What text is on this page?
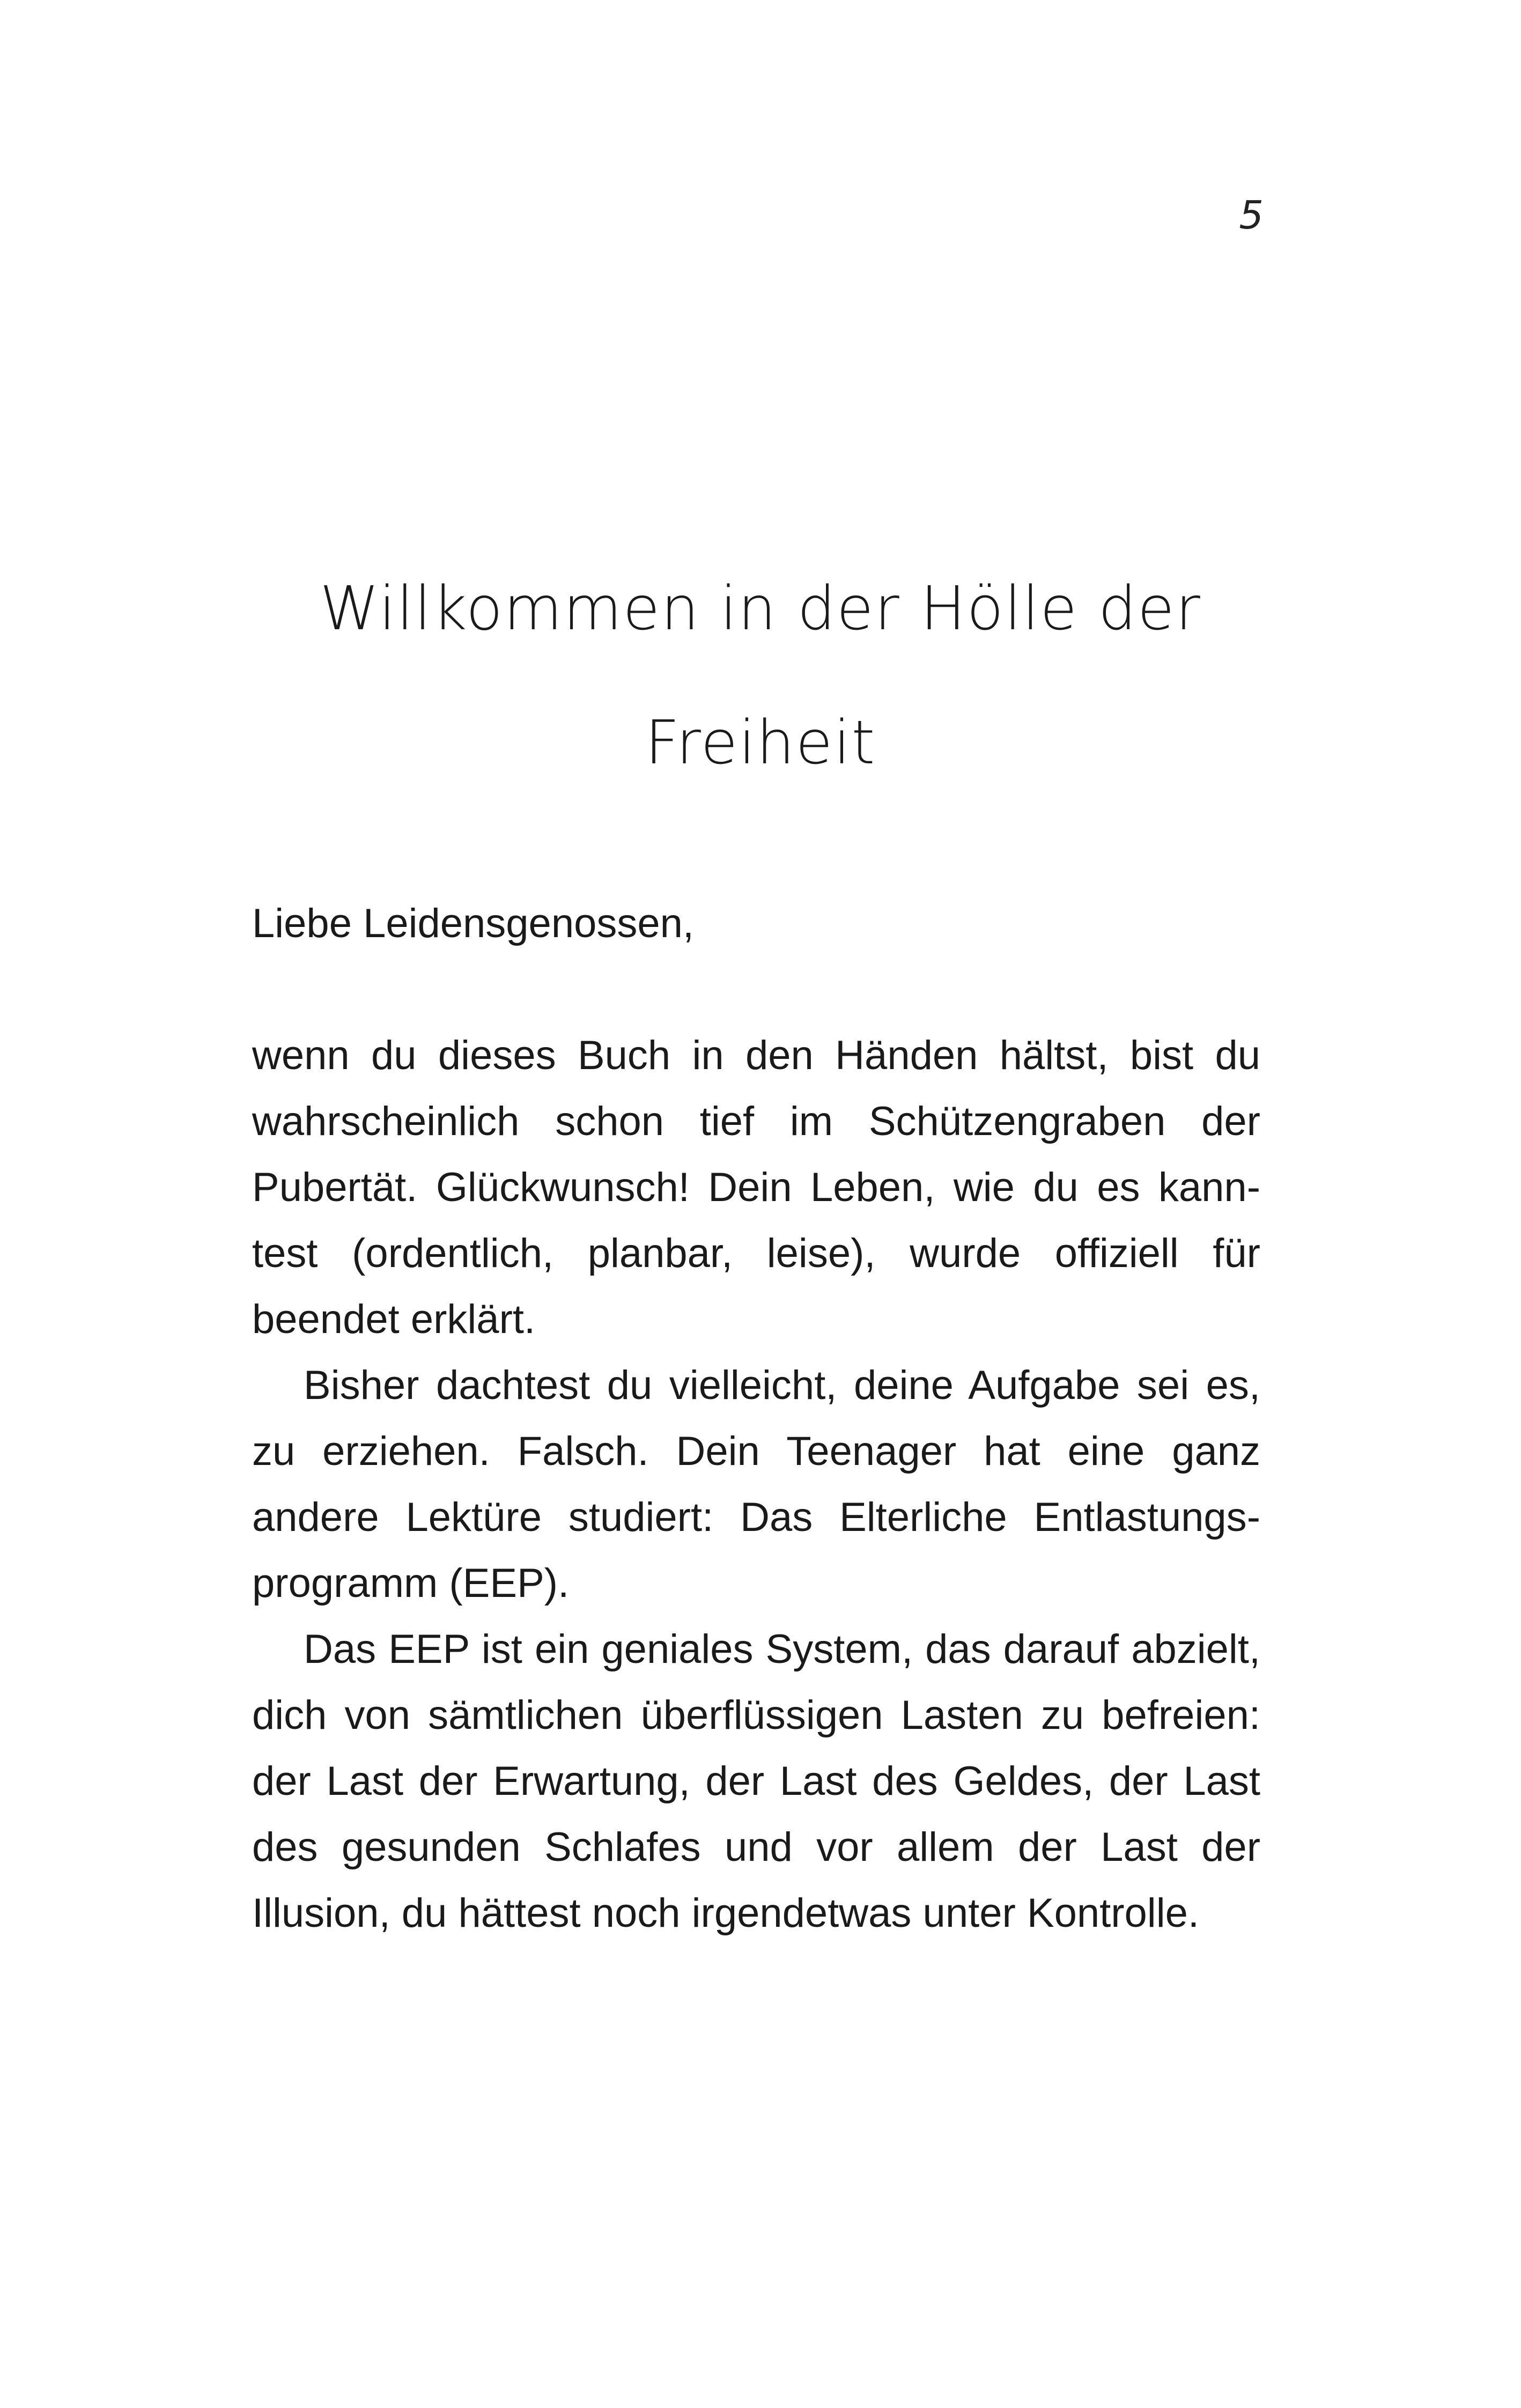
5
Willkommen in der Hölle der Freiheit

Liebe Leidensgenossen,

wenn du dieses Buch in den Händen hältst, bist du wahrscheinlich schon tief im Schützengraben der Pubertät. Glückwunsch! Dein Leben, wie du es kanntest (ordentlich, planbar, leise), wurde offiziell für beendet erklärt.

Bisher dachtest du vielleicht, deine Aufgabe sei es, zu erziehen. Falsch. Dein Teenager hat eine ganz andere Lektüre studiert: Das Elterliche Entlastungsprogramm (EEP).

Das EEP ist ein geniales System, das darauf abzielt, dich von sämtlichen überflüssigen Lasten zu befreien: der Last der Erwartung, der Last des Geldes, der Last des gesunden Schlafes und vor allem der Last der Illusion, du hättest noch irgendetwas unter Kontrolle.
